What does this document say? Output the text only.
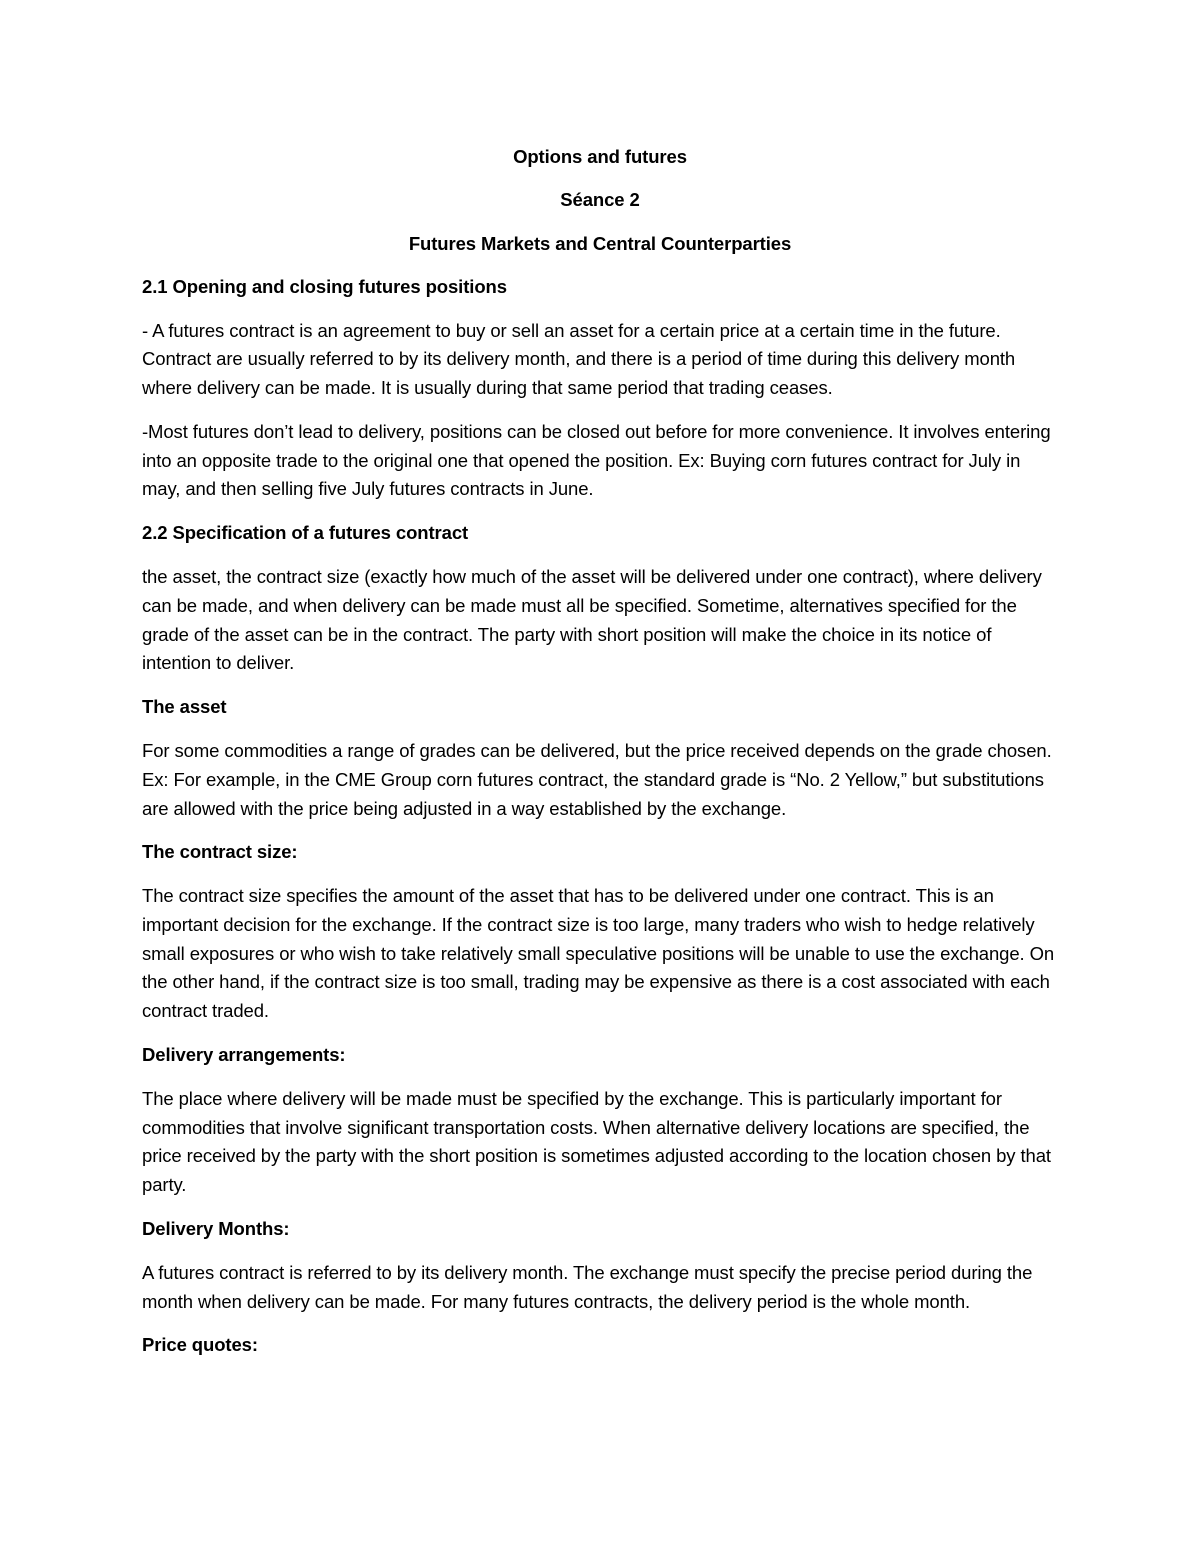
Options and futures

Séance 2

Futures Markets and Central Counterparties

2.1 Opening and closing futures positions

- A futures contract is an agreement to buy or sell an asset for a certain price at a certain time in the future. Contract are usually referred to by its delivery month, and there is a period of time during this delivery month where delivery can be made. It is usually during that same period that trading ceases.

-Most futures don’t lead to delivery, positions can be closed out before for more convenience. It involves entering into an opposite trade to the original one that opened the position. Ex: Buying corn futures contract for July in may, and then selling five July futures contracts in June.

2.2 Specification of a futures contract

the asset, the contract size (exactly how much of the asset will be delivered under one contract), where delivery can be made, and when delivery can be made must all be specified. Sometime, alternatives specified for the grade of the asset can be in the contract. The party with short position will make the choice in its notice of intention to deliver.

The asset

For some commodities a range of grades can be delivered, but the price received depends on the grade chosen. Ex: For example, in the CME Group corn futures contract, the standard grade is “No. 2 Yellow,” but substitutions are allowed with the price being adjusted in a way established by the exchange.

The contract size:

The contract size specifies the amount of the asset that has to be delivered under one contract. This is an important decision for the exchange. If the contract size is too large, many traders who wish to hedge relatively small exposures or who wish to take relatively small speculative positions will be unable to use the exchange. On the other hand, if the contract size is too small, trading may be expensive as there is a cost associated with each contract traded.

Delivery arrangements:

The place where delivery will be made must be specified by the exchange. This is particularly important for commodities that involve significant transportation costs. When alternative delivery locations are specified, the price received by the party with the short position is sometimes adjusted according to the location chosen by that party.

Delivery Months:

A futures contract is referred to by its delivery month. The exchange must specify the precise period during the month when delivery can be made. For many futures contracts, the delivery period is the whole month.

Price quotes:
